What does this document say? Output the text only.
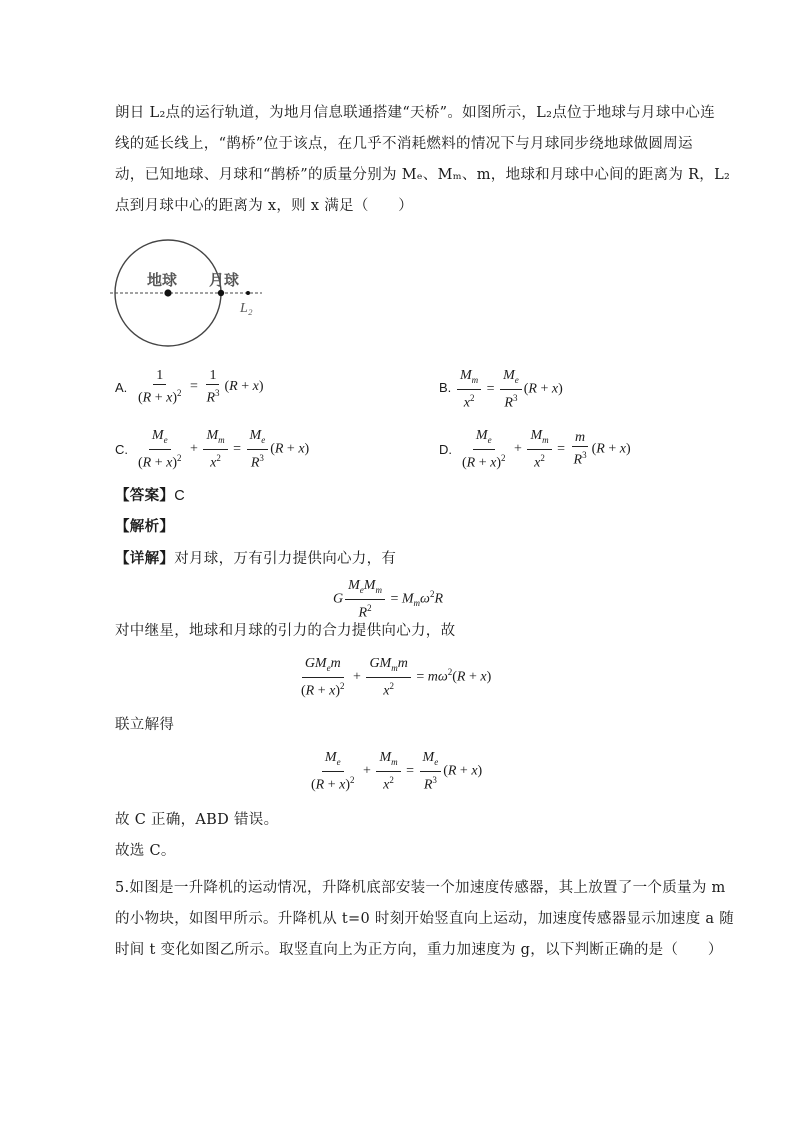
朗日 L₂点的运行轨道，为地月信息联通搭建“天桥”。如图所示，L₂点位于地球与月球中心连
线的延长线上，“鹊桥”位于该点，在几乎不消耗燃料的情况下与月球同步绕地球做圆周运
动，已知地球、月球和“鹊桥”的质量分别为 Mₑ、Mₘ、m，地球和月球中心间的距离为 R，L₂
点到月球中心的距离为 x，则 x 满足（　　）
地球 月球
L₂
A. $\frac{1}{(R + x)^2} = \frac{1}{R^3} (R + x)$	B. $\frac{M_m}{x^2} = \frac{M_e}{R^3} (R + x)$
C. $\frac{M_e}{(R + x)^2} + \frac{M_m}{x^2} = \frac{M_e}{R^3} (R + x)$	D. $\frac{M_e}{(R + x)^2} + \frac{M_m}{x^2} = \frac{m}{R^3} (R + x)$
【答案】C
【解析】
【详解】对月球，万有引力提供向心力，有
G $\frac{M_eM_m}{R^2} = M_m\omega^2R$
对中继星，地球和月球的引力的合力提供向心力，故
$\frac{GM_em}{(R + x)^2} + \frac{GM_mm}{x^2} = m\omega^2(R + x)$
联立解得
$\frac{M_e}{(R + x)^2} + \frac{M_m}{x^2} = \frac{M_e}{R^3} (R + x)$
故 C 正确，ABD 错误。
故选 C。
5.如图是一升降机的运动情况，升降机底部安装一个加速度传感器，其上放置了一个质量为 m
的小物块，如图甲所示。升降机从 t=0 时刻开始竖直向上运动，加速度传感器显示加速度 a 随
时间 t 变化如图乙所示。取竖直向上为正方向，重力加速度为 g，以下判断正确的是（　　）
